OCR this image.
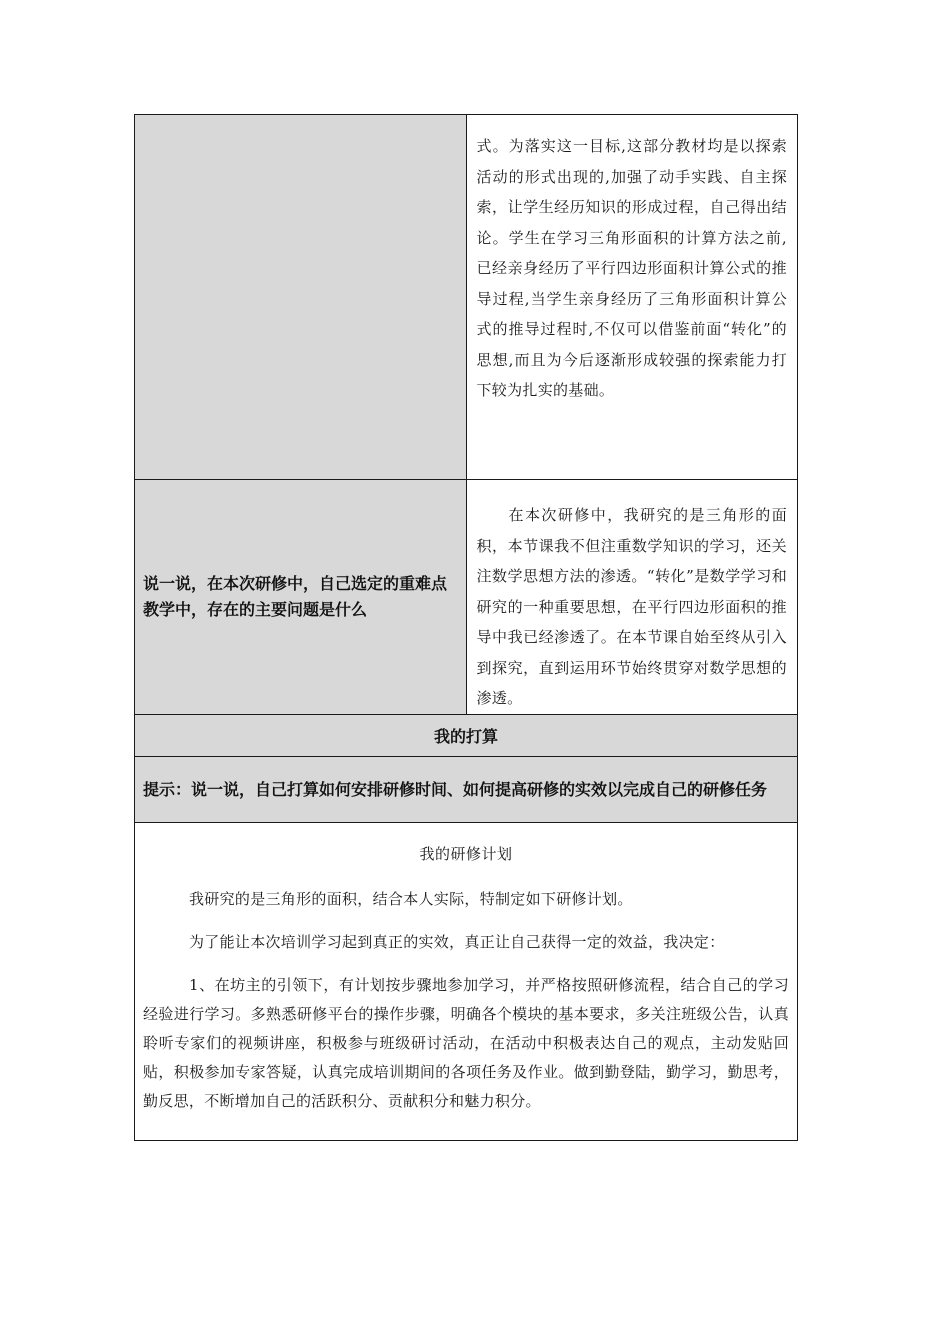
	式。为落实这一目标,这部分教材均是以探索活动的形式出现的,加强了动手实践、自主探索，让学生经历知识的形成过程，自己得出结论。学生在学习三角形面积的计算方法之前,已经亲身经历了平行四边形面积计算公式的推导过程,当学生亲身经历了三角形面积计算公式的推导过程时,不仅可以借鉴前面“转化”的思想,而且为今后逐渐形成较强的探索能力打下较为扎实的基础。

说一说，在本次研修中，自己选定的重难点教学中，存在的主要问题是什么	在本次研修中，我研究的是三角形的面积，本节课我不但注重数学知识的学习，还关注数学思想方法的渗透。“转化”是数学学习和研究的一种重要思想，在平行四边形面积的推导中我已经渗透了。在本节课自始至终从引入到探究，直到运用环节始终贯穿对数学思想的渗透。

我的打算	
提示：说一说，自己打算如何安排研修时间、如何提高研修的实效以完成自己的研修任务	

我的研修计划

我研究的是三角形的面积，结合本人实际，特制定如下研修计划。

为了能让本次培训学习起到真正的实效，真正让自己获得一定的效益，我决定：

1、在坊主的引领下，有计划按步骤地参加学习，并严格按照研修流程，结合自己的学习经验进行学习。多熟悉研修平台的操作步骤，明确各个模块的基本要求，多关注班级公告，认真聆听专家们的视频讲座，积极参与班级研讨活动，在活动中积极表达自己的观点，主动发贴回贴，积极参加专家答疑，认真完成培训期间的各项任务及作业。做到勤登陆，勤学习，勤思考，勤反思，不断增加自己的活跃积分、贡献积分和魅力积分。	
